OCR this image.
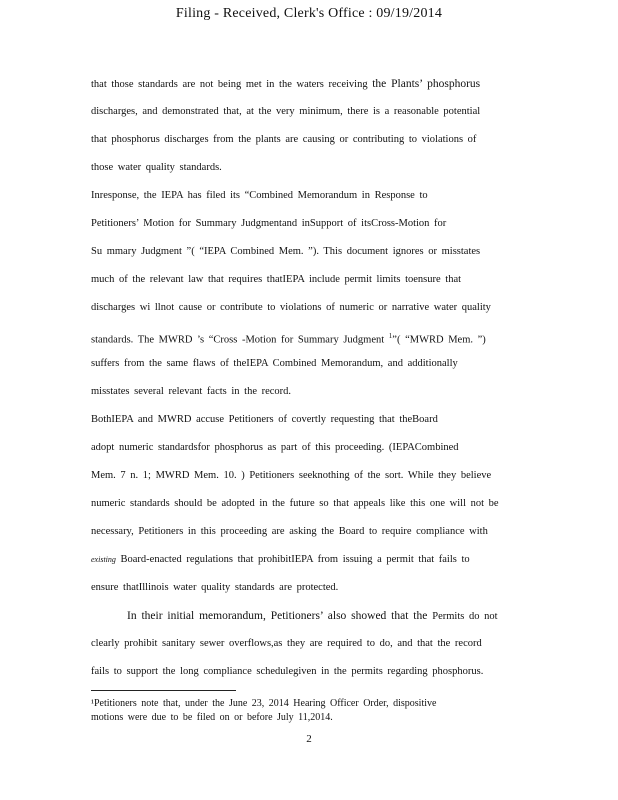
Filing - Received, Clerk's Office : 09/19/2014
that those standards are not being met in the waters receiving the Plants’ phosphorus
discharges, and demonstrated that, at the very minimum, there is a reasonable potential
that phosphorus discharges from the plants are causing or contributing to violations of
those water quality standards.
Inresponse, the IEPA has filed its “Combined Memorandum in Response to
Petitioners’ Motion for Summary Judgmentand inSupport of itsCross-Motion for
Su mmary Judgment ”( “IEPA Combined Mem. ”). This document ignores or misstates
much of the relevant law that requires thatIEPA include permit limits toensure that
discharges wi llnot cause or contribute to violations of numeric or narrative water quality
standards. The MWRD ’s “Cross -Motion for Summary Judgment $^1$”( “MWRD Mem. ”)
suffers from the same flaws of theIEPA Combined Memorandum, and additionally
misstates several relevant facts in the record.
BothIEPA and MWRD accuse Petitioners of covertly requesting that theBoard
adopt numeric standardsfor phosphorus as part of this proceeding. (IEPACombined
Mem. 7 n. 1; MWRD Mem. 10. ) Petitioners seeknothing of the sort. While they believe
numeric standards should be adopted in the future so that appeals like this one will not be
necessary, Petitioners in this proceeding are asking the Board to require compliance with
existing Board-enacted regulations that prohibitIEPA from issuing a permit that fails to
ensure thatIllinois water quality standards are protected.
In their initial memorandum, Petitioners’ also showed that the Permits do not
clearly prohibit sanitary sewer overflows,as they are required to do, and that the record
fails to support the long compliance schedulegiven in the permits regarding phosphorus.
¹Petitioners note that, under the June 23, 2014 Hearing Officer Order, dispositive
motions were due to be filed on or before July 11,2014.
2
